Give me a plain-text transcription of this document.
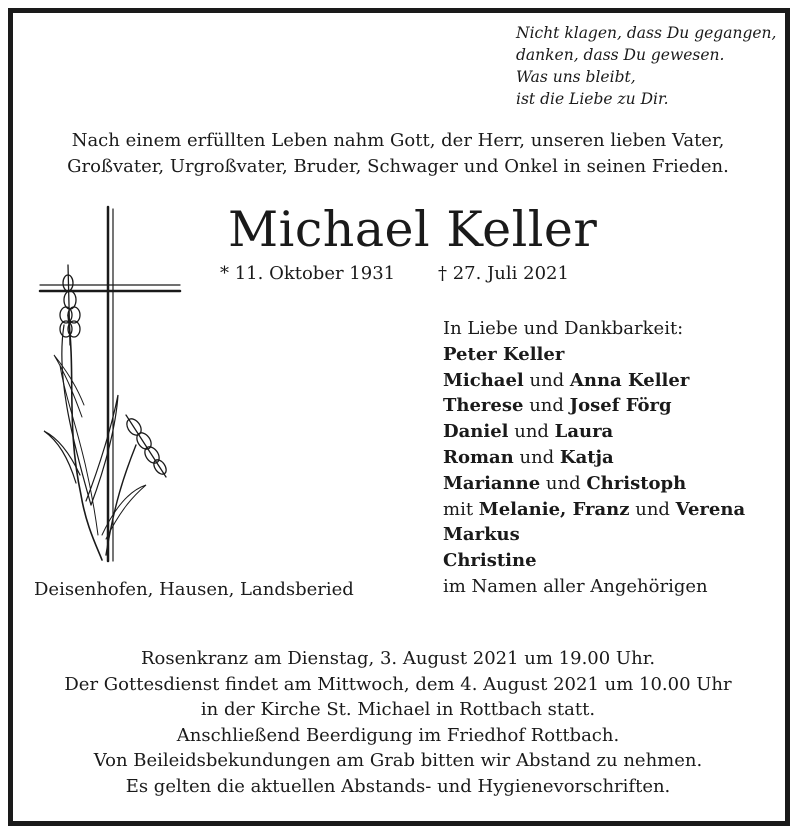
Nicht klagen, dass Du gegangen,
danken, dass Du gewesen.
Was uns bleibt,
ist die Liebe zu Dir.
Nach einem erfüllten Leben nahm Gott, der Herr, unseren lieben Vater,
Großvater, Urgroßvater, Bruder, Schwager und Onkel in seinen Frieden.
Michael Keller
* 11. Oktober 1931 † 27. Juli 2021
Deisenhofen, Hausen, Landsberied
In Liebe und Dankbarkeit:
Peter Keller
Michael und Anna Keller
Therese und Josef Förg
Daniel und Laura
Roman und Katja
Marianne und Christoph
mit Melanie, Franz und Verena
Markus
Christine
im Namen aller Angehörigen
Rosenkranz am Dienstag, 3. August 2021 um 19.00 Uhr.
Der Gottesdienst findet am Mittwoch, dem 4. August 2021 um 10.00 Uhr
in der Kirche St. Michael in Rottbach statt.
Anschließend Beerdigung im Friedhof Rottbach.
Von Beileidsbekundungen am Grab bitten wir Abstand zu nehmen.
Es gelten die aktuellen Abstands- und Hygienevorschriften.
